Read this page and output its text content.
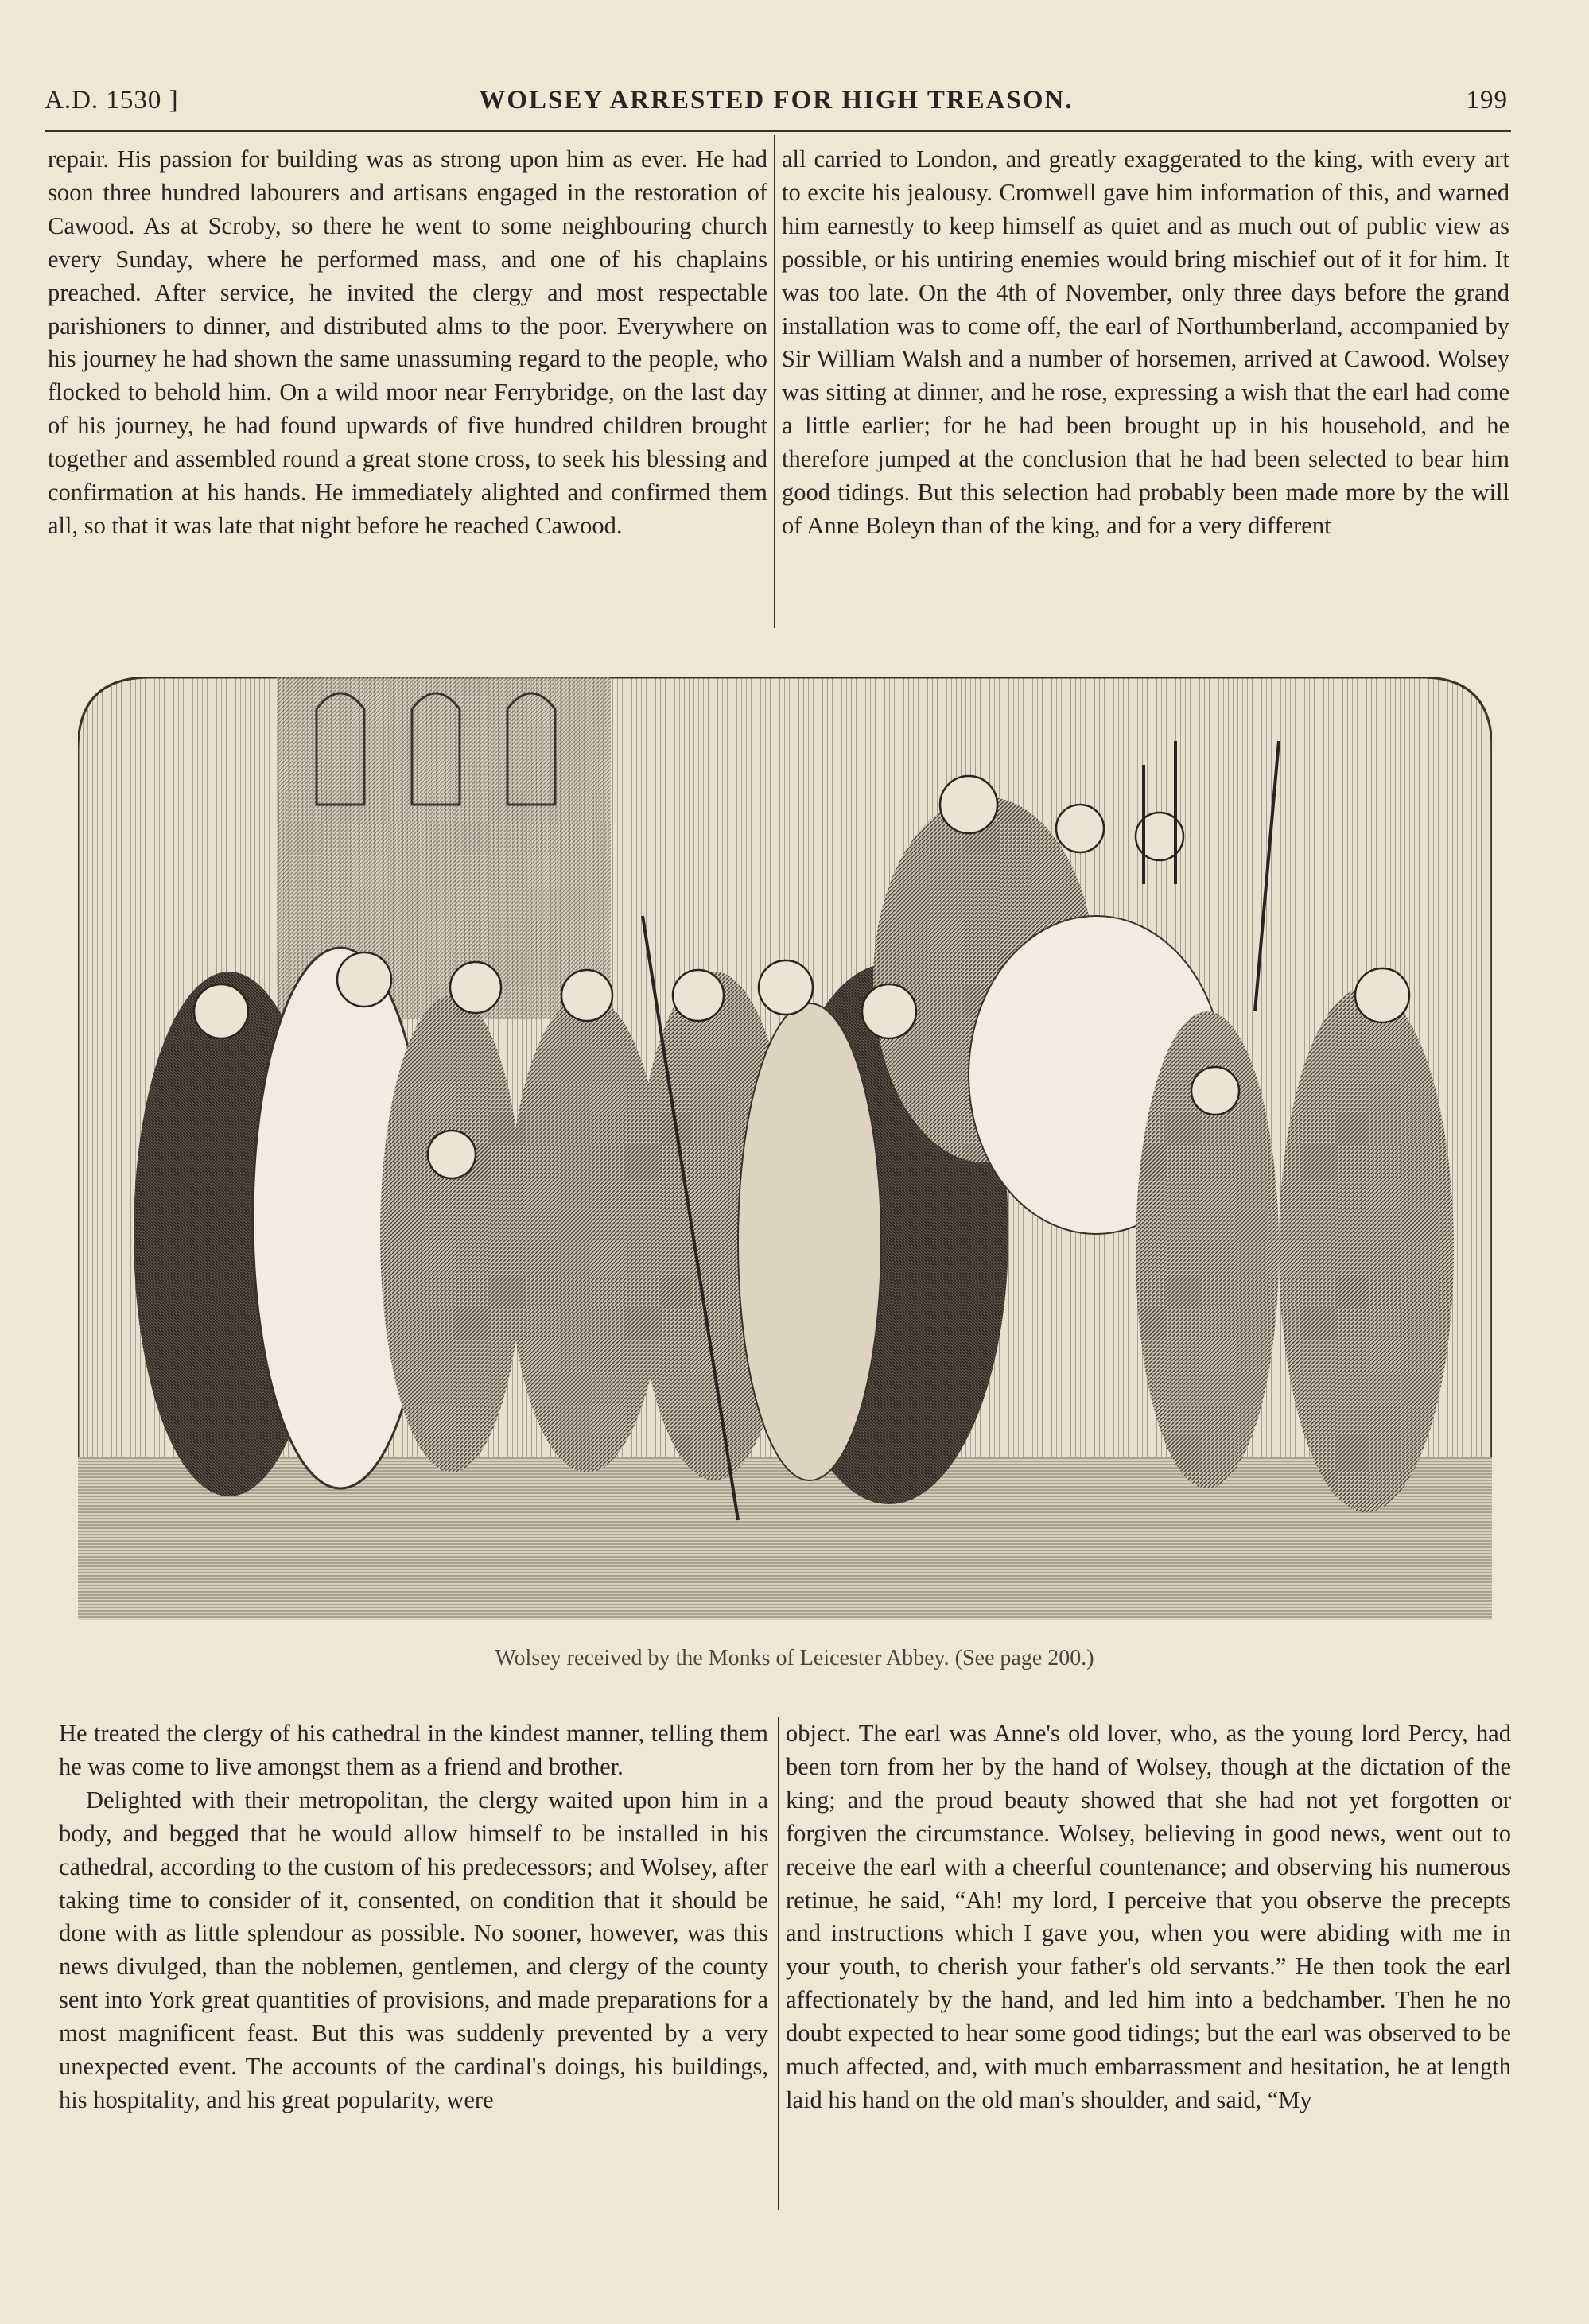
A.D. 1530 ]	WOLSEY ARRESTED FOR HIGH TREASON.	199

repair. His passion for building was as strong upon him as ever. He had soon three hundred labourers and artisans engaged in the restoration of Cawood. As at Scroby, so there he went to some neighbouring church every Sunday, where he performed mass, and one of his chaplains preached. After service, he invited the clergy and most respectable parishioners to dinner, and distributed alms to the poor. Everywhere on his journey he had shown the same unassuming regard to the people, who flocked to behold him. On a wild moor near Ferrybridge, on the last day of his journey, he had found upwards of five hundred children brought together and assembled round a great stone cross, to seek his blessing and confirmation at his hands. He immediately alighted and confirmed them all, so that it was late that night before he reached Cawood.

all carried to London, and greatly exaggerated to the king, with every art to excite his jealousy. Cromwell gave him information of this, and warned him earnestly to keep himself as quiet and as much out of public view as possible, or his untiring enemies would bring mischief out of it for him. It was too late. On the 4th of November, only three days before the grand installation was to come off, the earl of Northumberland, accompanied by Sir William Walsh and a number of horsemen, arrived at Cawood. Wolsey was sitting at dinner, and he rose, expressing a wish that the earl had come a little earlier; for he had been brought up in his household, and he therefore jumped at the conclusion that he had been selected to bear him good tidings. But this selection had probably been made more by the will of Anne Boleyn than of the king, and for a very different

Wolsey received by the Monks of Leicester Abbey. (See page 200.)

He treated the clergy of his cathedral in the kindest manner, telling them he was come to live amongst them as a friend and brother.

Delighted with their metropolitan, the clergy waited upon him in a body, and begged that he would allow himself to be installed in his cathedral, according to the custom of his predecessors; and Wolsey, after taking time to consider of it, consented, on condition that it should be done with as little splendour as possible. No sooner, however, was this news divulged, than the noblemen, gentlemen, and clergy of the county sent into York great quantities of provisions, and made preparations for a most magnificent feast. But this was suddenly prevented by a very unexpected event. The accounts of the cardinal's doings, his buildings, his hospitality, and his great popularity, were

object. The earl was Anne's old lover, who, as the young lord Percy, had been torn from her by the hand of Wolsey, though at the dictation of the king; and the proud beauty showed that she had not yet forgotten or forgiven the circumstance. Wolsey, believing in good news, went out to receive the earl with a cheerful countenance; and observing his numerous retinue, he said, “Ah! my lord, I perceive that you observe the precepts and instructions which I gave you, when you were abiding with me in your youth, to cherish your father's old servants.” He then took the earl affectionately by the hand, and led him into a bedchamber. Then he no doubt expected to hear some good tidings; but the earl was observed to be much affected, and, with much embarrassment and hesitation, he at length laid his hand on the old man's shoulder, and said, “My
